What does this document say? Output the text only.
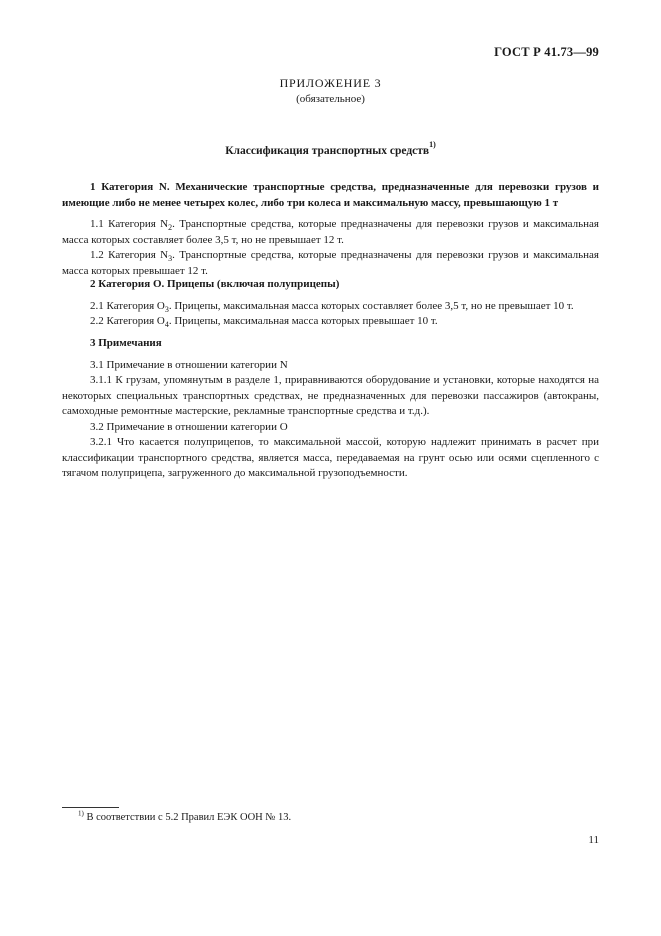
ГОСТ Р 41.73—99
ПРИЛОЖЕНИЕ 3
(обязательное)
Классификация транспортных средств$^{1)}$

1 Категория N. Механические транспортные средства, предназначенные для перевозки грузов и имеющие либо не менее четырех колес, либо три колеса и максимальную массу, превышающую 1 т

1.1 Категория $N_2$. Транспортные средства, которые предназначены для перевозки грузов и максимальная масса которых составляет более 3,5 т, но не превышает 12 т.

1.2 Категория $N_3$. Транспортные средства, которые предназначены для перевозки грузов и максимальная масса которых превышает 12 т.

2 Категория О. Прицепы (включая полуприцепы)

2.1 Категория $О_3$. Прицепы, максимальная масса которых составляет более 3,5 т, но не превышает 10 т.

2.2 Категория $О_4$. Прицепы, максимальная масса которых превышает 10 т.

3 Примечания

3.1 Примечание в отношении категории N

3.1.1 К грузам, упомянутым в разделе 1, приравниваются оборудование и установки, которые находятся на некоторых специальных транспортных средствах, не предназначенных для перевозки пассажиров (автокраны, самоходные ремонтные мастерские, рекламные транспортные средства и т.д.).

3.2 Примечание в отношении категории О

3.2.1 Что касается полуприцепов, то максимальной массой, которую надлежит принимать в расчет при классификации транспортного средства, является масса, передаваемая на грунт осью или осями сцепленного с тягачом полуприцепа, загруженного до максимальной грузоподъемности.

$^{1)}$ В соответствии с 5.2 Правил ЕЭК ООН № 13.
11
